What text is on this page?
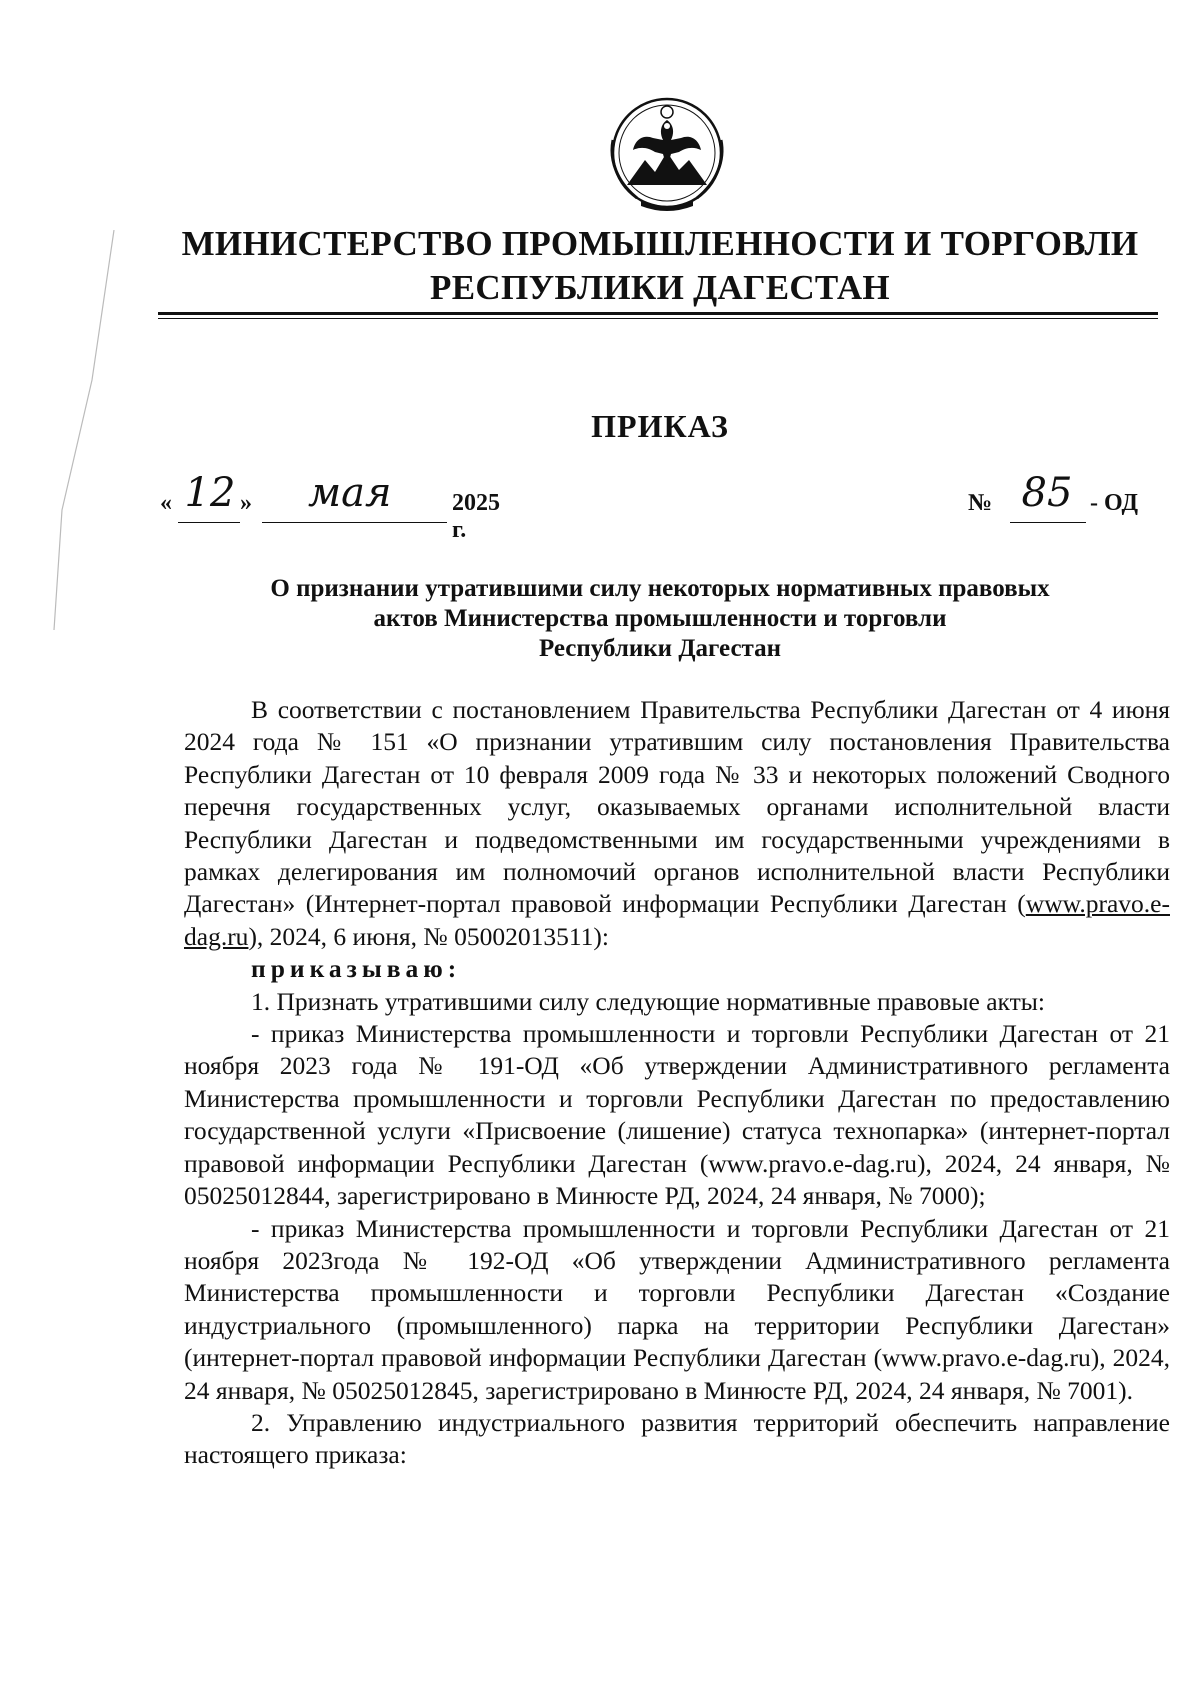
МИНИСТЕРСТВО ПРОМЫШЛЕННОСТИ И ТОРГОВЛИ
РЕСПУБЛИКИ ДАГЕСТАН
ПРИКАЗ
« 12 » мая	2025 г.
№ 85 - ОД
О признании утратившими силу некоторых нормативных правовых
актов Министерства промышленности и торговли
Республики Дагестан

В соответствии с постановлением Правительства Республики Дагестан от 4 июня 2024 года № 151 «О признании утратившим силу постановления Правительства Республики Дагестан от 10 февраля 2009 года № 33 и некоторых положений Сводного перечня государственных услуг, оказываемых органами исполнительной власти Республики Дагестан и подведомственными им государственными учреждениями в рамках делегирования им полномочий органов исполнительной власти Республики Дагестан» (Интернет-портал правовой информации Республики Дагестан (www.pravo.e-dag.ru), 2024, 6 июня, № 05002013511):

приказываю:

1. Признать утратившими силу следующие нормативные правовые акты:

- приказ Министерства промышленности и торговли Республики Дагестан от 21 ноября 2023 года № 191-ОД «Об утверждении Административного регламента Министерства промышленности и торговли Республики Дагестан по предоставлению государственной услуги «Присвоение (лишение) статуса технопарка» (интернет-портал правовой информации Республики Дагестан (www.pravo.e-dag.ru), 2024, 24 января, № 05025012844, зарегистрировано в Минюсте РД, 2024, 24 января, № 7000);

- приказ Министерства промышленности и торговли Республики Дагестан от 21 ноября 2023года № 192-ОД «Об утверждении Административного регламента Министерства промышленности и торговли Республики Дагестан «Создание индустриального (промышленного) парка на территории Республики Дагестан» (интернет-портал правовой информации Республики Дагестан (www.pravo.e-dag.ru), 2024, 24 января, № 05025012845, зарегистрировано в Минюсте РД, 2024, 24 января, № 7001).

2. Управлению индустриального развития территорий обеспечить направление настоящего приказа:
